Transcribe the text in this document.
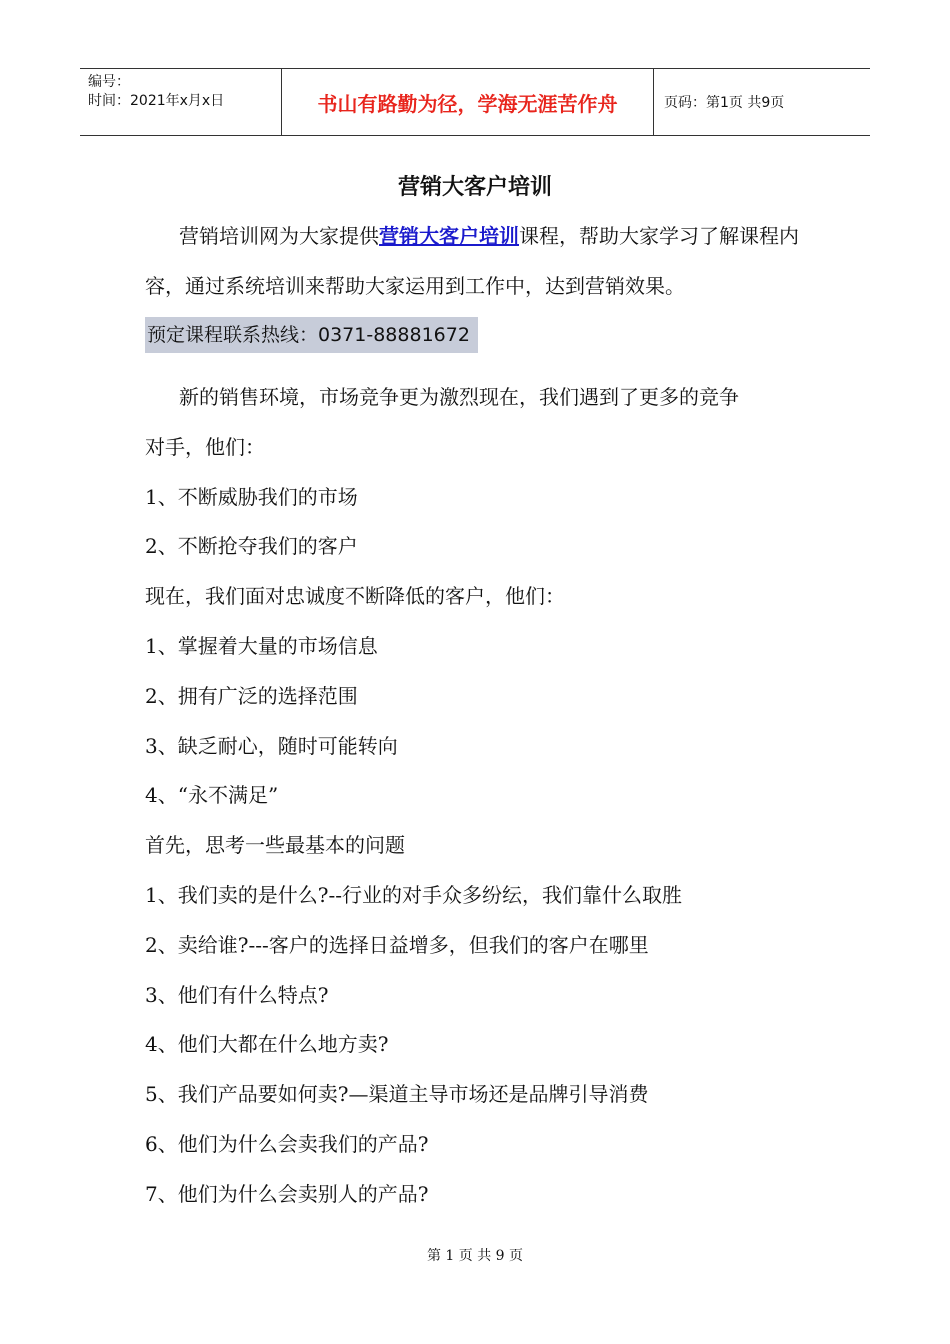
编号：
时间：2021年x月x日	书山有路勤为径，学海无涯苦作舟	页码：第1页 共9页
营销大客户培训

营销培训网为大家提供营销大客户培训课程，帮助大家学习了解课程内容，通过系统培训来帮助大家运用到工作中，达到营销效果。

预定课程联系热线：0371-88881672

新的销售环境，市场竞争更为激烈现在，我们遇到了更多的竞争

对手，他们：

1、不断威胁我们的市场

2、不断抢夺我们的客户

现在，我们面对忠诚度不断降低的客户，他们：

1、掌握着大量的市场信息

2、拥有广泛的选择范围

3、缺乏耐心，随时可能转向

4、“永不满足”

首先，思考一些最基本的问题

1、我们卖的是什么?--行业的对手众多纷纭，我们靠什么取胜

2、卖给谁?---客户的选择日益增多，但我们的客户在哪里

3、他们有什么特点?

4、他们大都在什么地方卖?

5、我们产品要如何卖?—渠道主导市场还是品牌引导消费

6、他们为什么会卖我们的产品?

7、他们为什么会卖别人的产品?

第 1 页 共 9 页
